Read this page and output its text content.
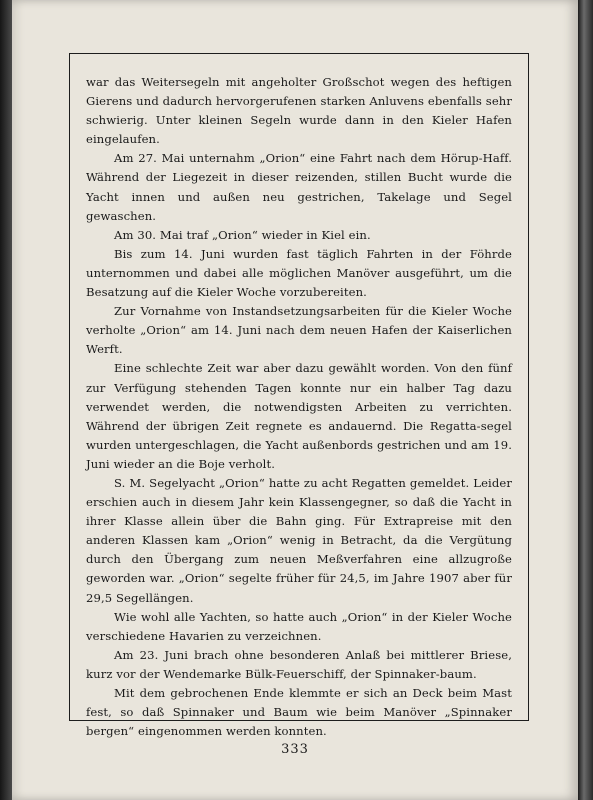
war das Weitersegeln mit angeholter Großschot wegen des heftigen Gierens und dadurch hervorgerufenen starken Anluvens ebenfalls sehr schwierig. Unter kleinen Segeln wurde dann in den Kieler Hafen eingelaufen.

Am 27. Mai unternahm „Orion“ eine Fahrt nach dem Hörup-Haff. Während der Liegezeit in dieser reizenden, stillen Bucht wurde die Yacht innen und außen neu gestrichen, Takelage und Segel gewaschen.

Am 30. Mai traf „Orion“ wieder in Kiel ein.

Bis zum 14. Juni wurden fast täglich Fahrten in der Föhrde unternommen und dabei alle möglichen Manöver ausgeführt, um die Besatzung auf die Kieler Woche vorzubereiten.

Zur Vornahme von Instandsetzungsarbeiten für die Kieler Woche verholte „Orion“ am 14. Juni nach dem neuen Hafen der Kaiserlichen Werft.

Eine schlechte Zeit war aber dazu gewählt worden. Von den fünf zur Verfügung stehenden Tagen konnte nur ein halber Tag dazu verwendet werden, die notwendigsten Arbeiten zu verrichten. Während der übrigen Zeit regnete es andauernd. Die Regatta-segel wurden untergeschlagen, die Yacht außenbords gestrichen und am 19. Juni wieder an die Boje verholt.

S. M. Segelyacht „Orion“ hatte zu acht Regatten gemeldet. Leider erschien auch in diesem Jahr kein Klassengegner, so daß die Yacht in ihrer Klasse allein über die Bahn ging. Für Extrapreise mit den anderen Klassen kam „Orion“ wenig in Betracht, da die Vergütung durch den Übergang zum neuen Meßverfahren eine allzugroße geworden war. „Orion“ segelte früher für 24,5, im Jahre 1907 aber für 29,5 Segellängen.

Wie wohl alle Yachten, so hatte auch „Orion“ in der Kieler Woche verschiedene Havarien zu verzeichnen.

Am 23. Juni brach ohne besonderen Anlaß bei mittlerer Briese, kurz vor der Wendemarke Bülk-Feuerschiff, der Spinnaker-baum.

Mit dem gebrochenen Ende klemmte er sich an Deck beim Mast fest, so daß Spinnaker und Baum wie beim Manöver „Spinnaker bergen“ eingenommen werden konnten.

333
